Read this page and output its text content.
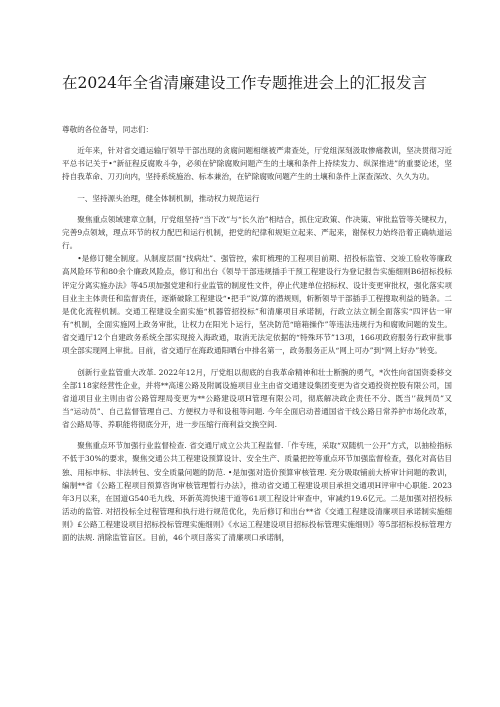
在2024年全省清廉建设工作专题推进会上的汇报发言

尊敬的各位备导，同志们：

近年来，针对省交通运输厅领导干部出现的贪腐问题相继被严肃查处，厅党组深刻汲取惨痛教训，坚决贯彻习近平总书记关于•“新征程反腐败斗争，必须在铲除腐败问题产生的土壤和条件上持续发力、纵深推进”的重要论述，坚持自我革命、刀刃向内，坚持系统施治、标本兼治，在铲除腐败问题产生的土壤和条件上深查深改、久久为功。

一、坚持源头治理，健全体制机制，推动权力规范运行

聚焦重点领域建章立制，厅党组坚持“当下改”与“长久治”相结合，抓住定政策、作决策、审批监管等关键权力，完善9点领域，理点环节的权力配巴和运行机制，把党的纪律和规矩立起来、严起来，谢保权力始终沿着正确轨道运行。

•是修订健全制度。从制度层面“找病灶”、强管控，索盯梳理的工程项目前期、招投标监管、交竣工验收等廉政高风险环节和80余个廉政风险点，修订和出台《领导干部违规插手干预工程建设行为登记报告实施细则B6招标投标评定分离实施办法》等45项加强党建和行业监管的制度性文件，停止代建单位招标权、设计变更审批权，强化落实项目业主主体责任和监督责任，逐渐破除工程建设“•把手”说/算的潜规则，斩断领导干部插手工程搜取利益的链条。二是优化流程机制。交通工程建设全面实施“机器管招投标”和清廉项目承诺制，行政立法立制全面落实“四评估一审有“机制，全面实施网上政务审批，让权力在阳光卜运行，坚决防范“暗箱操作”等违法违规行为和腐败问题的发生。省交通厅12个自建政务系统全部实现接入海政通，取消无法定依据的“特殊环节”13项，166项政府服务行政审批事项全部实现网上审批。目前，省交通厅在海政通阳晒台中排名第一，政务服务正从“网上可办”到“网上好办”转变。

创新行业监管重大改革. 2022年12月，厅党组以彻底的自我革命精神和壮士断腕的勇气，*次性向省国资委移交全部118家经营性企业，并将**高速公路及附属设施项目业主由省交通建设集团变更为省交通投资控股有限公司，国省道项目业主则由省公路管理局变更为**公路建设项H管理有限公司，彻底解决政企责任不分、既当'’裁判员”又当“运动员”、自己监督管理自己、方便权力寻和设租等问题. 今年全面启动普通国省干线公路日常养护市场化改革，省公路局等、养职能将彻底分开，进一步压缩行商利益交换空间.

聚焦重点环节加强行业监督检查. 省交通厅成立公共工程监督.「作专班，采取“双随机一公开”方式，以抽检指标不低于30%的要求，聚焦交通公共工程建设预算设计、安全生产、质量把控等重点环节加强监督检查，强化对高估目独、用标申标、非法转包、安全质量问题的防范. •是加强对造价预算审核管理. 充分吸取铺前大桥审计问题的教训，编制**省《公路工程项目预算咨询审核管理暂行办法》，推动省交通工程建设项目承担交通项H评审中心职能. 2023年3月以来，在国道G540毛九线、环新英湾快速干道等61项工程设计审查中，审减约19.6亿元。二是加强对招投标活动的监管. 对招投标全过程管理和执行进行规范优化，先后修订和出台**省《交通工程建设清廉项目承诺制实施细则》£公路工程建设项目招标投标管理实施细则》《水运工程建设项目招标投标管理实施细则》等5部招标投标管理方面的法规. 消除监管盲区。目前，46个项目落实了清廉项口承诺制，
